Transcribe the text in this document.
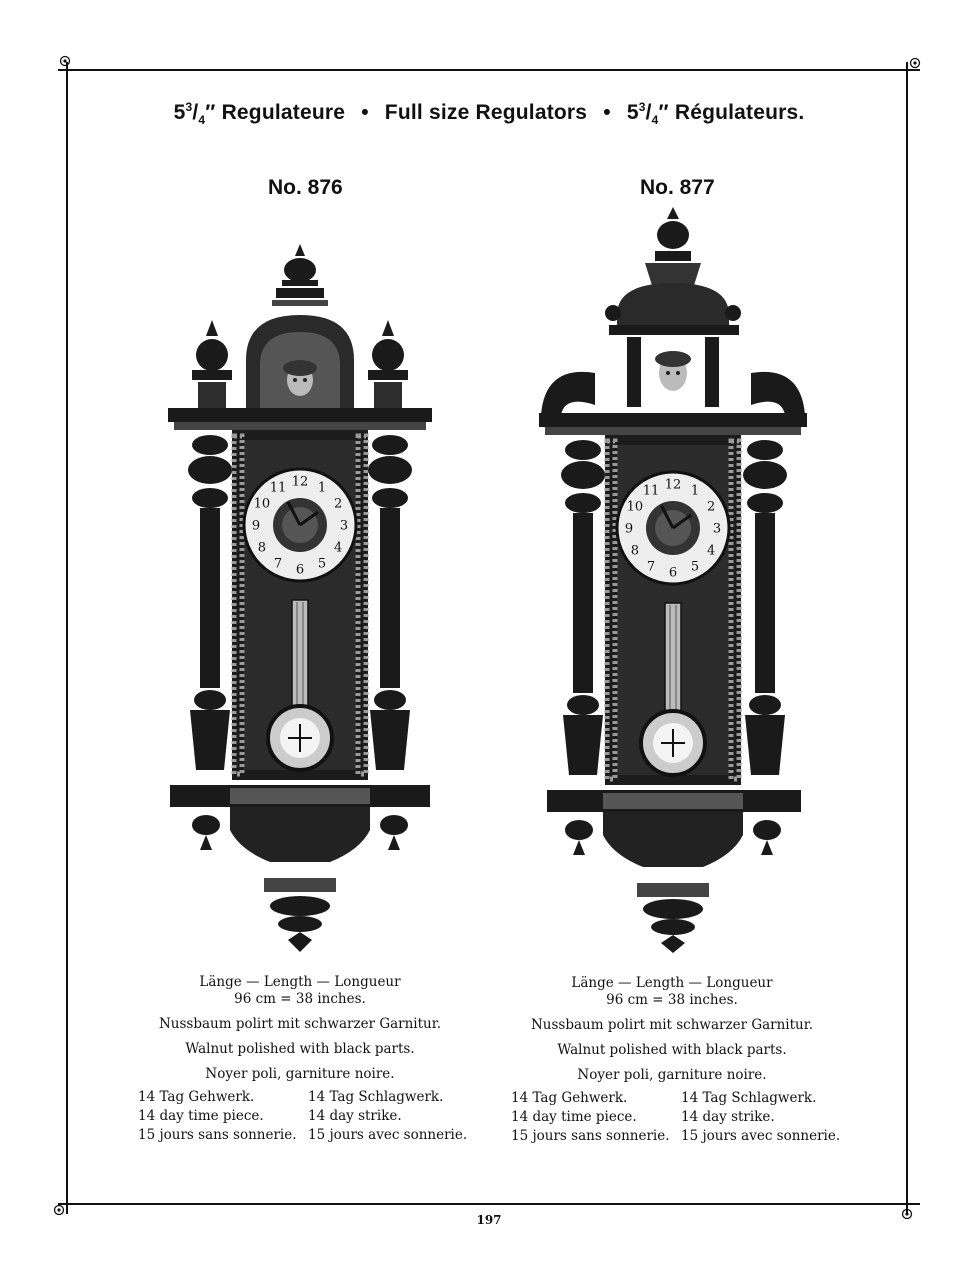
$5^3/_4''$ Regulateure • Full size Regulators • $5^3/_4''$ Régulateurs.
No. 876	No. 877
12 1
2
3
4
5
6
7
8
9
10
11	12 1
2
3
4
5
6
7
8
9
10
11
Länge — Length — Longueur
96 cm = 38 inches.
Nussbaum polirt mit schwarzer Garnitur.
Walnut polished with black parts.
Noyer poli, garniture noire.
14 Tag Gehwerk.
14 day time piece.
15 jours sans sonnerie.
14 Tag Schlagwerk.
14 day strike.
15 jours avec sonnerie.
Länge — Length — Longueur
96 cm = 38 inches.
Nussbaum polirt mit schwarzer Garnitur.
Walnut polished with black parts.
Noyer poli, garniture noire.
14 Tag Gehwerk.
14 day time piece.
15 jours sans sonnerie.
14 Tag Schlagwerk.
14 day strike.
15 jours avec sonnerie.
197
